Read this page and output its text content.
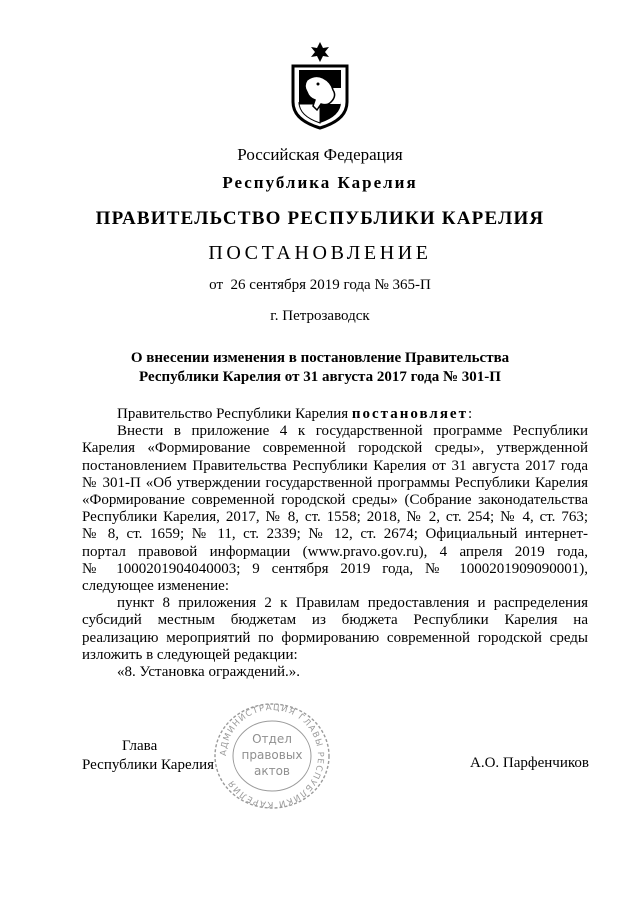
Российская Федерация
Республика Карелия
ПРАВИТЕЛЬСТВО РЕСПУБЛИКИ КАРЕЛИЯ
ПОСТАНОВЛЕНИЕ
от  26 сентября 2019 года № 365-П
г. Петрозаводск
О внесении изменения в постановление Правительства
Республики Карелия от 31 августа 2017 года № 301-П
Правительство Республики Карелия постановляет:
Внести в приложение 4 к государственной программе Республики
Карелия «Формирование современной городской среды», утвержденной
постановлением Правительства Республики Карелия от 31 августа 2017 года
№ 301-П «Об утверждении государственной программы Республики Карелия
«Формирование современной городской среды» (Собрание законодательства
Республики Карелия, 2017, № 8, ст. 1558; 2018, № 2, ст. 254; № 4, ст. 763;
№ 8, ст. 1659; № 11, ст. 2339; № 12, ст. 2674; Официальный интернет-
портал правовой информации (www.pravo.gov.ru), 4 апреля 2019 года,
№ 1000201904040003; 9 сентября 2019 года, № 1000201909090001),
следующее изменение:
пункт 8 приложения 2 к Правилам предоставления и распределения
субсидий местным бюджетам из бюджета Республики Карелия на
реализацию мероприятий по формированию современной городской среды
изложить в следующей редакции:
«8. Установка ограждений.».
Глава
Республики Карелия	А.О. Парфенчиков
АДМИНИСТРАЦИЯ ГЛАВЫ РЕСПУБЛИКИ КАРЕЛИЯ
Отдел
правовых
актов
